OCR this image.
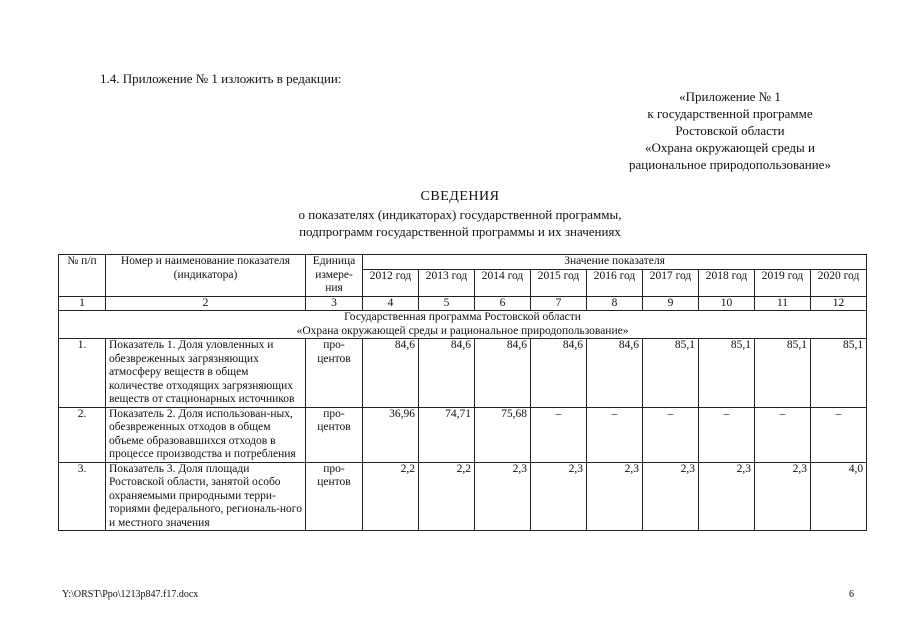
1.4. Приложение № 1 изложить в редакции:
«Приложение № 1
к государственной программе
Ростовской области
«Охрана окружающей среды и
рациональное природопользование»
СВЕДЕНИЯ
о показателях (индикаторах) государственной программы,
подпрограмм государственной программы и их значениях
№ п/п	Номер и наименование показателя (индикатора)	Единица измере-ния	Значение показателя								
			2012 год	2013 год	2014 год	2015 год	2016 год	2017 год	2018 год	2019 год	2020 год
1	2	3	4	5	6	7	8	9	10	11	12

Государственная программа Ростовской области
«Охрана окружающей среды и рациональное природопользование»											

1.	Показатель 1. Доля уловленных и обезвреженных загрязняющих атмосферу веществ в общем количестве отходящих загрязняющих веществ от стационарных источников	про-центов	84,6	84,6	84,6	84,6	84,6	85,1	85,1	85,1	85,1
2.	Показатель 2. Доля использован-ных, обезвреженных отходов в общем объеме образовавшихся отходов в процессе производства и потребления	про-центов	36,96	74,71	75,68	–	–	–	–	–	–
3.	Показатель 3. Доля площади Ростовской области, занятой особо охраняемыми природными терри-ториями федерального, региональ-ного и местного значения	про-центов	2,2	2,2	2,3	2,3	2,3	2,3	2,3	2,3	4,0
Y:\ORST\Ppo\1213p847.f17.docx	6
